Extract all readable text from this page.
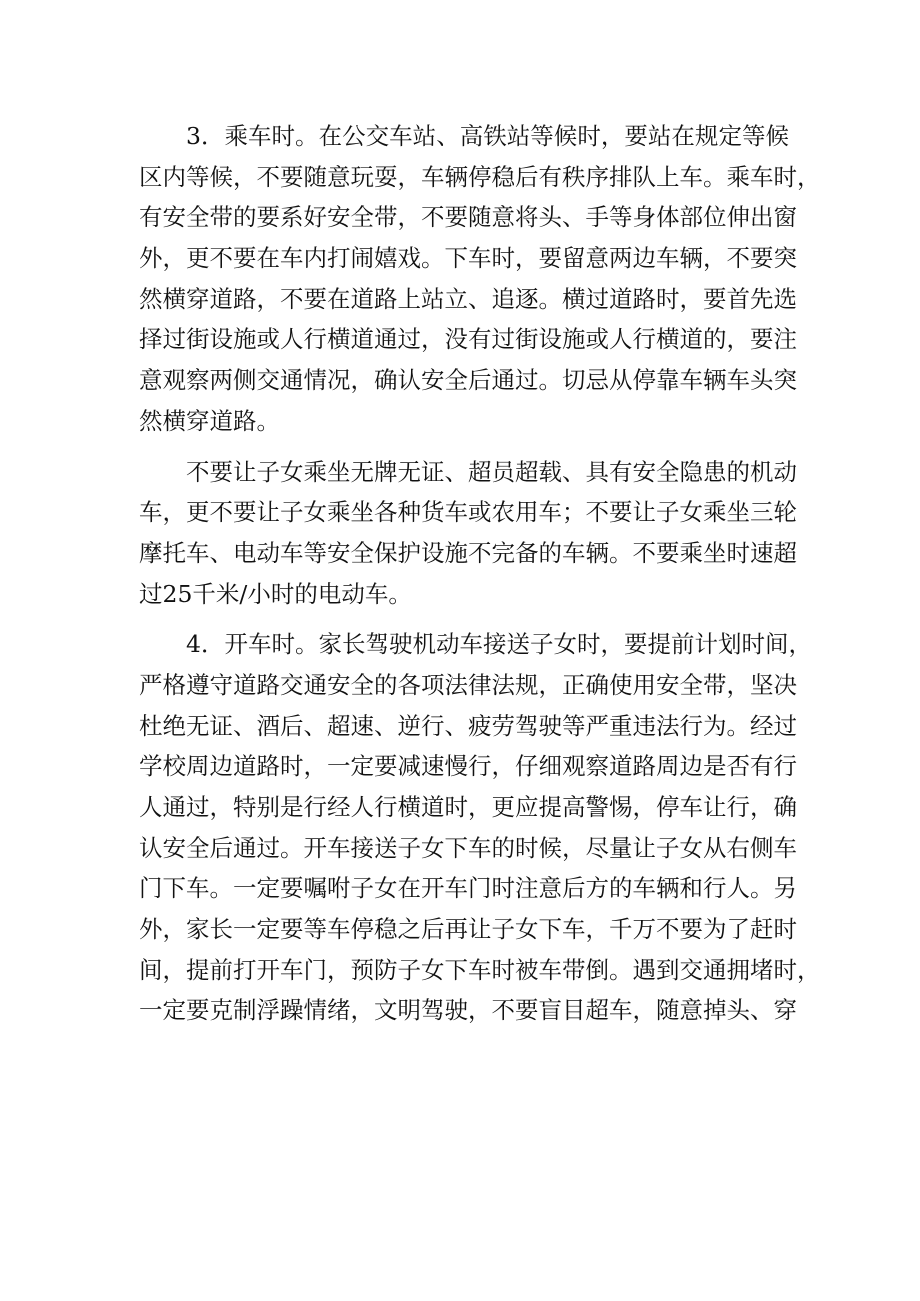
3．乘车时。在公交车站、高铁站等候时，要站在规定等候
区内等候，不要随意玩耍，车辆停稳后有秩序排队上车。乘车时，
有安全带的要系好安全带，不要随意将头、手等身体部位伸出窗
外，更不要在车内打闹嬉戏。下车时，要留意两边车辆，不要突
然横穿道路，不要在道路上站立、追逐。横过道路时，要首先选
择过街设施或人行横道通过，没有过街设施或人行横道的，要注
意观察两侧交通情况，确认安全后通过。切忌从停靠车辆车头突
然横穿道路。
不要让子女乘坐无牌无证、超员超载、具有安全隐患的机动
车，更不要让子女乘坐各种货车或农用车；不要让子女乘坐三轮
摩托车、电动车等安全保护设施不完备的车辆。不要乘坐时速超
过25千米/小时的电动车。
4．开车时。家长驾驶机动车接送子女时，要提前计划时间，
严格遵守道路交通安全的各项法律法规，正确使用安全带，坚决
杜绝无证、酒后、超速、逆行、疲劳驾驶等严重违法行为。经过
学校周边道路时，一定要减速慢行，仔细观察道路周边是否有行
人通过，特别是行经人行横道时，更应提高警惕，停车让行，确
认安全后通过。开车接送子女下车的时候，尽量让子女从右侧车
门下车。一定要嘱咐子女在开车门时注意后方的车辆和行人。另
外，家长一定要等车停稳之后再让子女下车，千万不要为了赶时
间，提前打开车门，预防子女下车时被车带倒。遇到交通拥堵时，
一定要克制浮躁情绪，文明驾驶，不要盲目超车，随意掉头、穿
